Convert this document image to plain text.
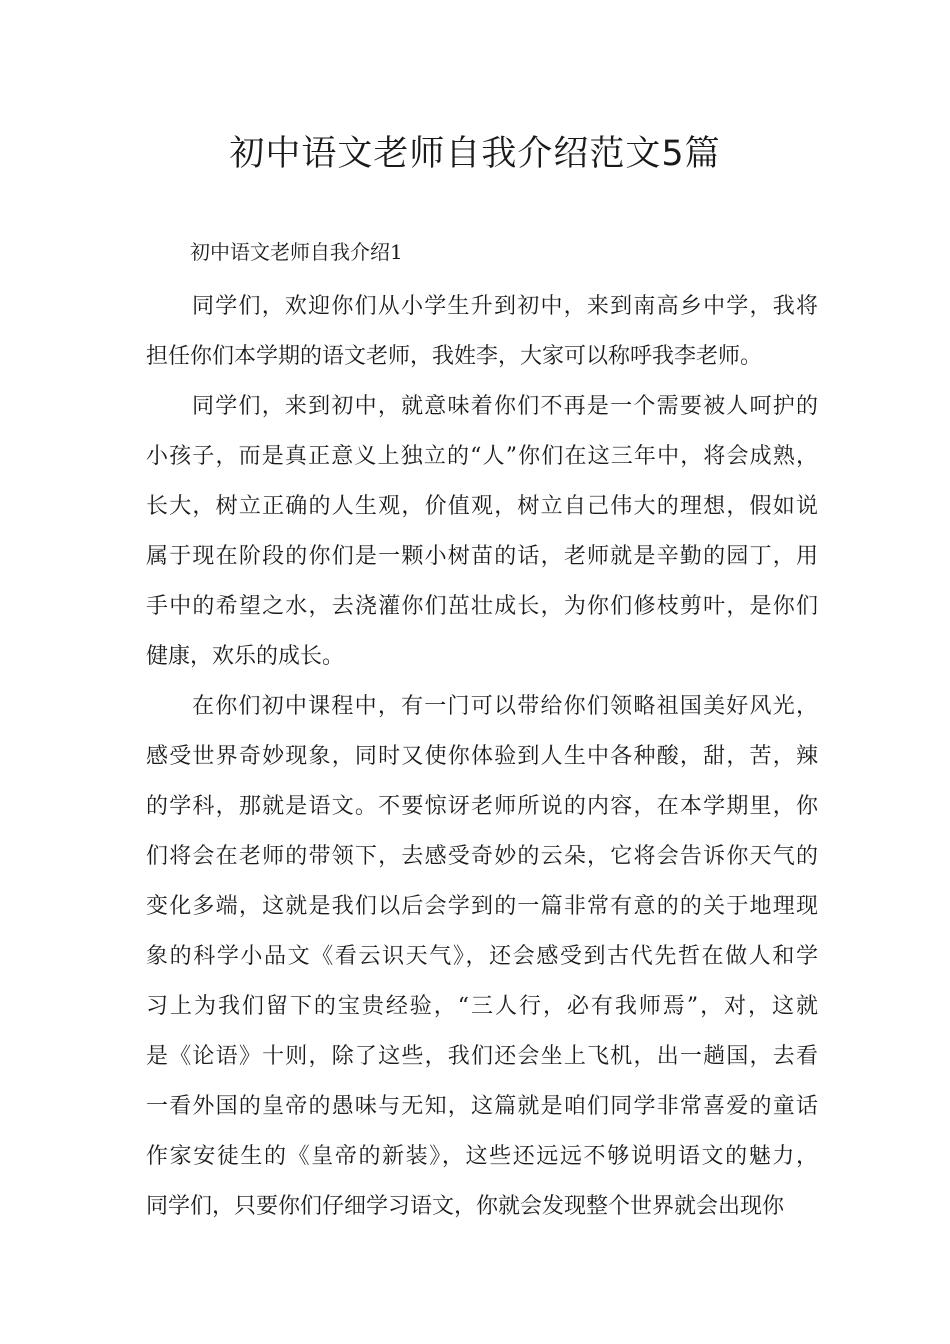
初中语文老师自我介绍范文5篇

初中语文老师自我介绍1

同学们，欢迎你们从小学生升到初中，来到南高乡中学，我将
担任你们本学期的语文老师，我姓李，大家可以称呼我李老师。

同学们，来到初中，就意味着你们不再是一个需要被人呵护的
小孩子，而是真正意义上独立的“人”你们在这三年中，将会成熟，
长大，树立正确的人生观，价值观，树立自己伟大的理想，假如说
属于现在阶段的你们是一颗小树苗的话，老师就是辛勤的园丁，用
手中的希望之水，去浇灌你们茁壮成长，为你们修枝剪叶，是你们
健康，欢乐的成长。

在你们初中课程中，有一门可以带给你们领略祖国美好风光，
感受世界奇妙现象，同时又使你体验到人生中各种酸，甜，苦，辣
的学科，那就是语文。不要惊讶老师所说的内容，在本学期里，你
们将会在老师的带领下，去感受奇妙的云朵，它将会告诉你天气的
变化多端，这就是我们以后会学到的一篇非常有意的的关于地理现
象的科学小品文《看云识天气》，还会感受到古代先哲在做人和学
习上为我们留下的宝贵经验，“三人行，必有我师焉”，对，这就
是《论语》十则，除了这些，我们还会坐上飞机，出一趟国，去看
一看外国的皇帝的愚味与无知，这篇就是咱们同学非常喜爱的童话
作家安徒生的《皇帝的新装》，这些还远远不够说明语文的魅力，
同学们，只要你们仔细学习语文，你就会发现整个世界就会出现你
